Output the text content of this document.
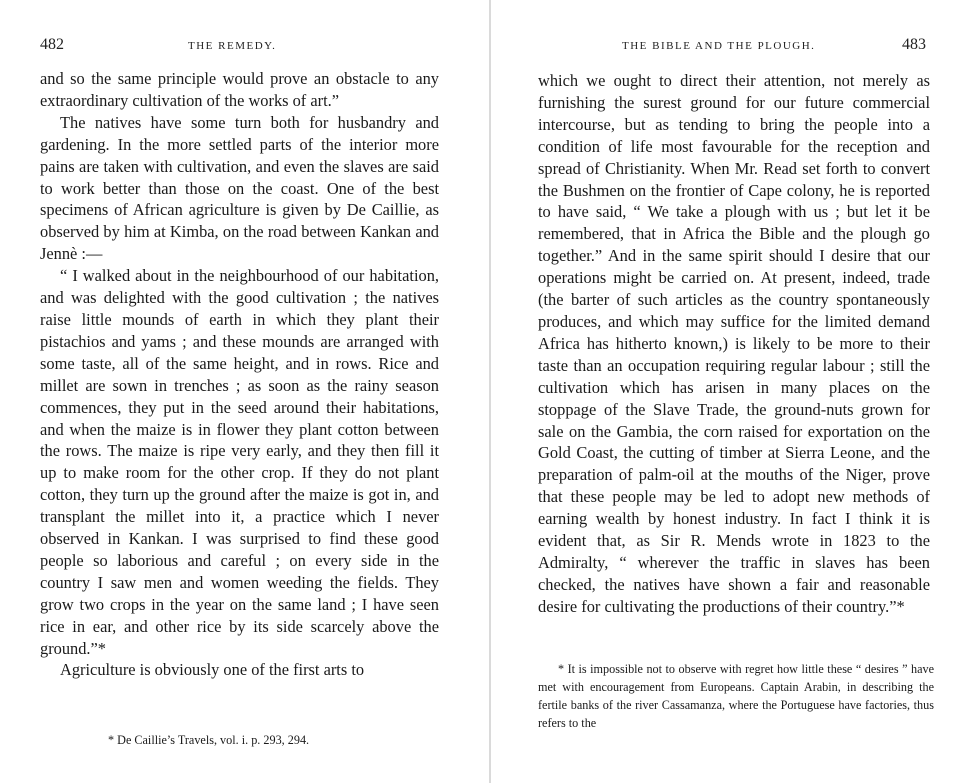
482	THE REMEDY.

and so the same principle would prove an obstacle to any extraordinary cultivation of the works of art.”

The natives have some turn both for husbandry and gardening. In the more settled parts of the interior more pains are taken with cultivation, and even the slaves are said to work better than those on the coast. One of the best specimens of African agriculture is given by De Caillie, as observed by him at Kimba, on the road between Kankan and Jennè :—

“ I walked about in the neighbourhood of our habitation, and was delighted with the good cultivation ; the natives raise little mounds of earth in which they plant their pistachios and yams ; and these mounds are arranged with some taste, all of the same height, and in rows. Rice and millet are sown in trenches ; as soon as the rainy season commences, they put in the seed around their habitations, and when the maize is in flower they plant cotton between the rows. The maize is ripe very early, and they then fill it up to make room for the other crop. If they do not plant cotton, they turn up the ground after the maize is got in, and transplant the millet into it, a practice which I never observed in Kankan. I was surprised to find these good people so laborious and careful ; on every side in the country I saw men and women weeding the fields. They grow two crops in the year on the same land ; I have seen rice in ear, and other rice by its side scarcely above the ground.”*

Agriculture is obviously one of the first arts to

* De Caillie’s Travels, vol. i. p. 293, 294.

THE BIBLE AND THE PLOUGH.	483

which we ought to direct their attention, not merely as furnishing the surest ground for our future commercial intercourse, but as tending to bring the people into a condition of life most favourable for the reception and spread of Christianity. When Mr. Read set forth to convert the Bushmen on the frontier of Cape colony, he is reported to have said, “ We take a plough with us ; but let it be remembered, that in Africa the Bible and the plough go together.” And in the same spirit should I desire that our operations might be carried on. At present, indeed, trade (the barter of such articles as the country spontaneously produces, and which may suffice for the limited demand Africa has hitherto known,) is likely to be more to their taste than an occupation requiring regular labour ; still the cultivation which has arisen in many places on the stoppage of the Slave Trade, the ground-nuts grown for sale on the Gambia, the corn raised for exportation on the Gold Coast, the cutting of timber at Sierra Leone, and the preparation of palm-oil at the mouths of the Niger, prove that these people may be led to adopt new methods of earning wealth by honest industry. In fact I think it is evident that, as Sir R. Mends wrote in 1823 to the Admiralty, “ wherever the traffic in slaves has been checked, the natives have shown a fair and reasonable desire for cultivating the productions of their country.”*

* It is impossible not to observe with regret how little these “ desires ” have met with encouragement from Europeans. Captain Arabin, in describing the fertile banks of the river Cassamanza, where the Portuguese have factories, thus refers to the
